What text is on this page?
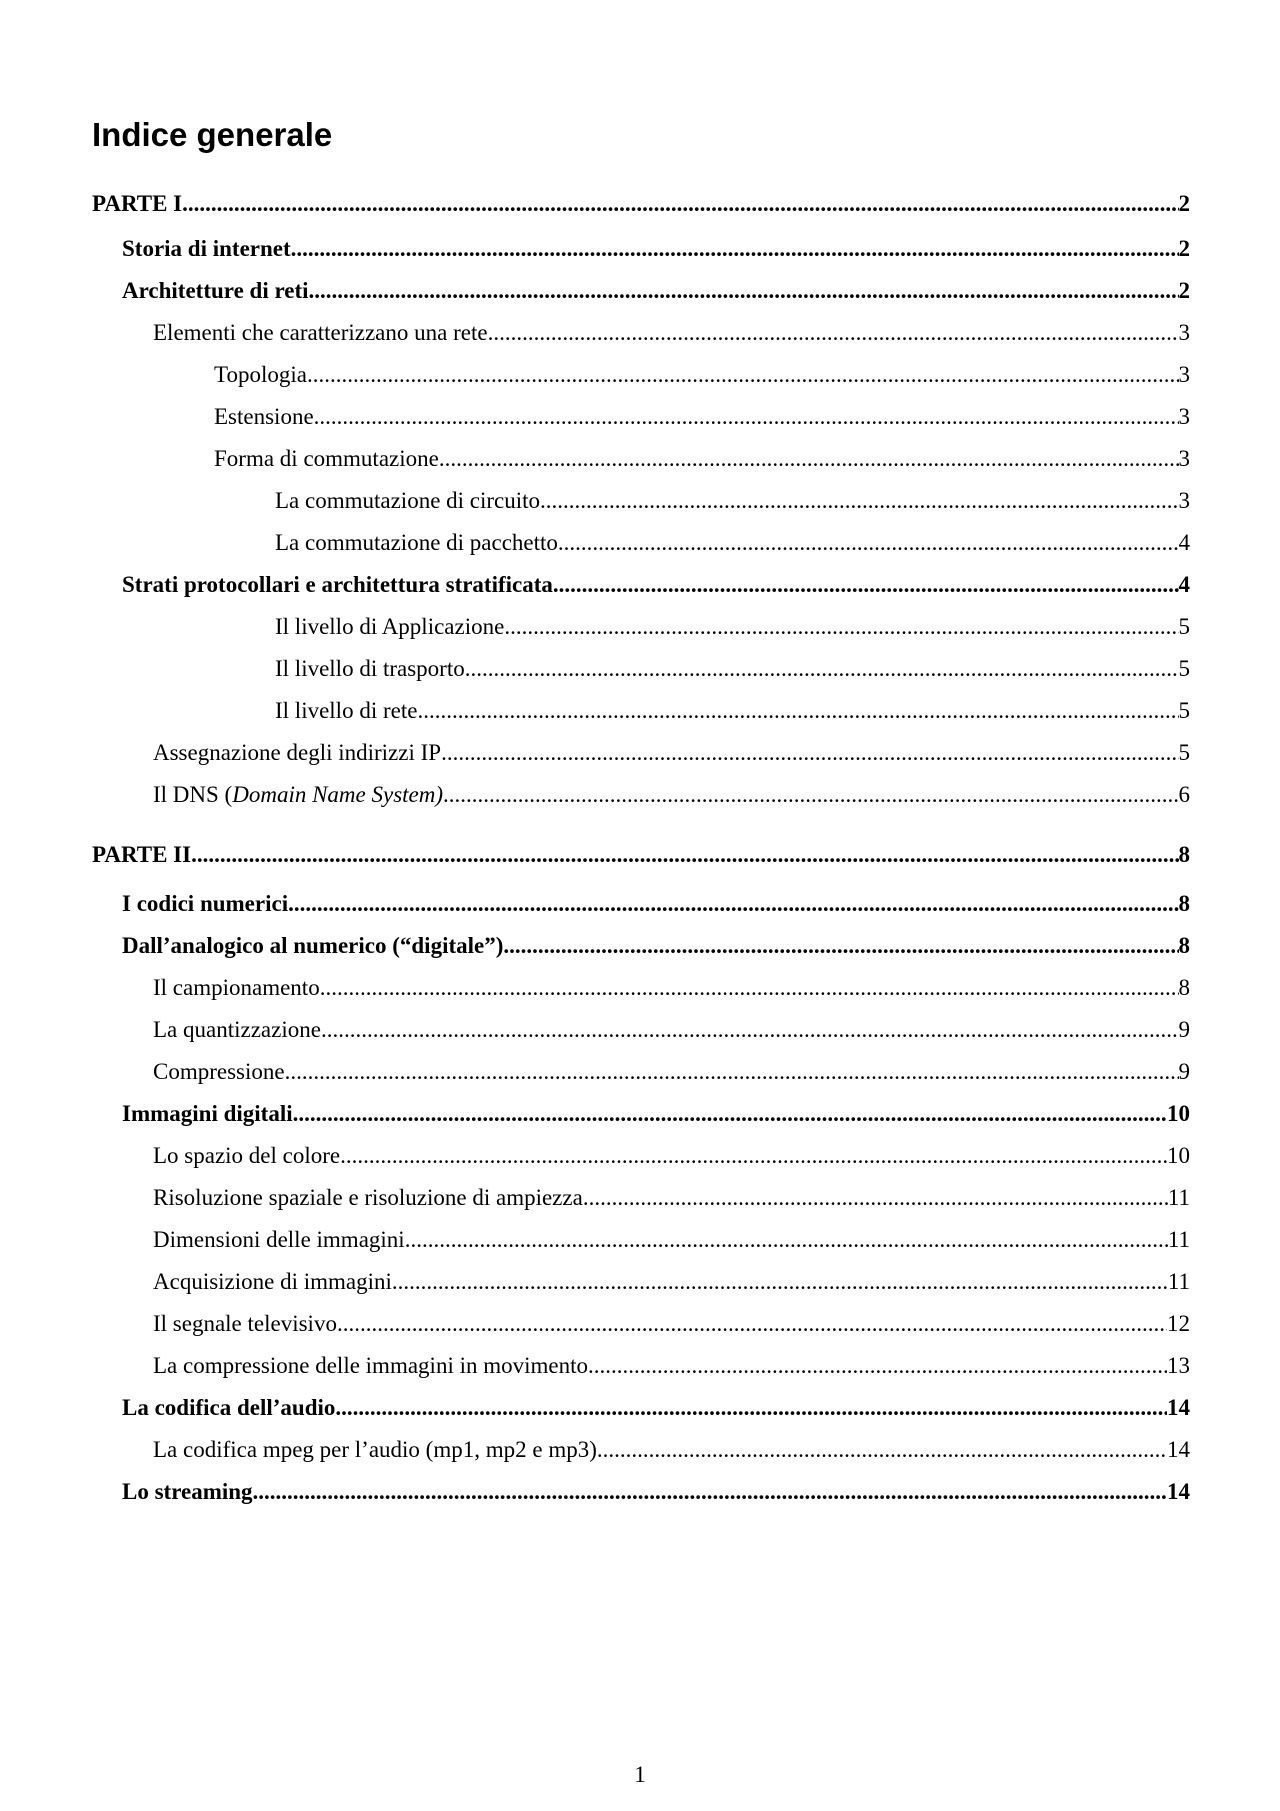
Indice generale
PARTE I .....	2
Storia di internet .....	2
Architetture di reti .....	2
Elementi che caratterizzano una rete .....	3
Topologia .....	3
Estensione .....	3
Forma di commutazione .....	3
La commutazione di circuito .....	3
La commutazione di pacchetto .....	4
Strati protocollari e architettura stratificata .....	4
Il livello di Applicazione .....	5
Il livello di trasporto .....	5
Il livello di rete .....	5
Assegnazione degli indirizzi IP .....	5
Il DNS (Domain Name System) .....	6
PARTE II .....	8
I codici numerici .....	8
Dall’analogico al numerico (“digitale”) .....	8
Il campionamento .....	8
La quantizzazione .....	9
Compressione .....	9
Immagini digitali .....	10
Lo spazio del colore .....	10
Risoluzione spaziale e risoluzione di ampiezza .....	11
Dimensioni delle immagini .....	11
Acquisizione di immagini .....	11
Il segnale televisivo .....	12
La compressione delle immagini in movimento .....	13
La codifica dell’audio .....	14
La codifica mpeg per l’audio (mp1, mp2 e mp3) .....	14
Lo streaming .....	14
1
